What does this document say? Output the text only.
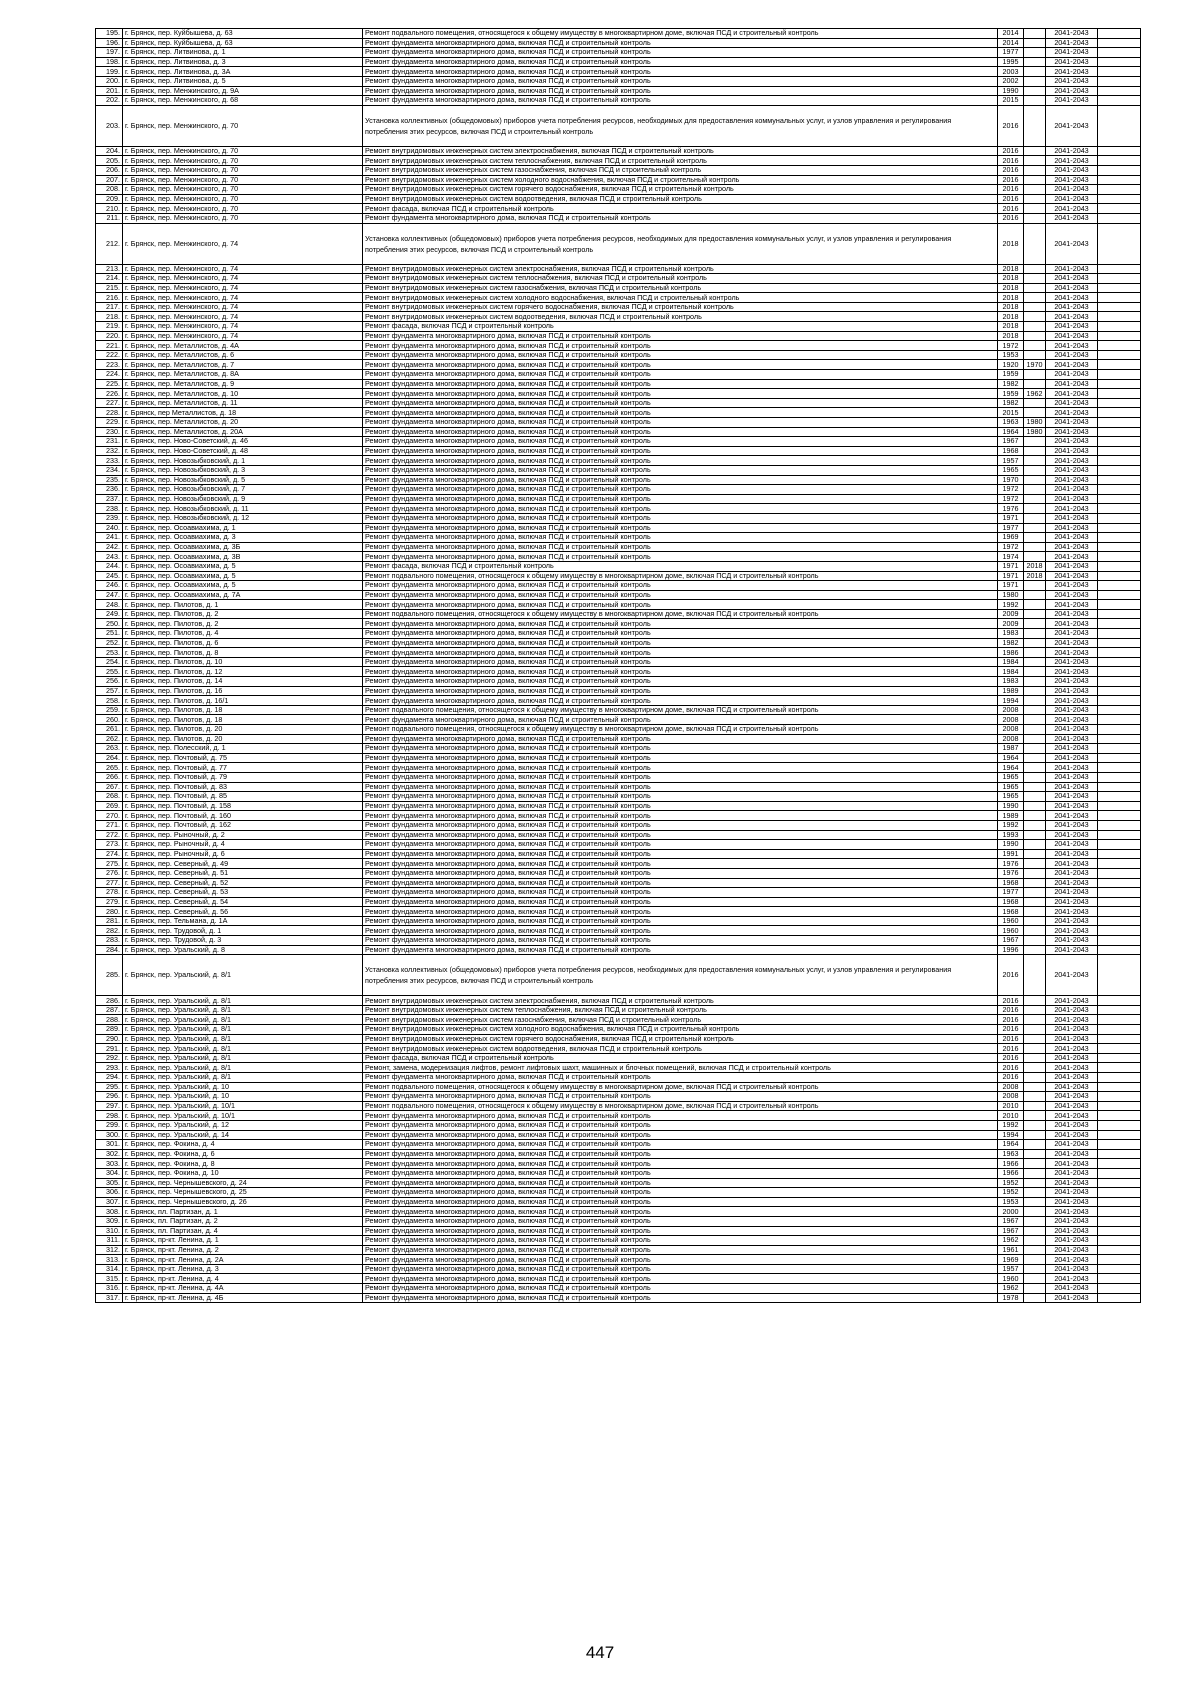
195.	г. Брянск, пер. Куйбышева, д. 63	Ремонт подвального помещения, относящегося к общему имуществу в многоквартирном доме, включая ПСД и строительный контроль	2014		2041-2043	
196.	г. Брянск, пер. Куйбышева, д. 63	Ремонт фундамента многоквартирного дома, включая ПСД и строительный контроль	2014		2041-2043	
197.	г. Брянск, пер. Литвинова, д. 1	Ремонт фундамента многоквартирного дома, включая ПСД и строительный контроль	1977		2041-2043	
198.	г. Брянск, пер. Литвинова, д. 3	Ремонт фундамента многоквартирного дома, включая ПСД и строительный контроль	1995		2041-2043	
199.	г. Брянск, пер. Литвинова, д. 3А	Ремонт фундамента многоквартирного дома, включая ПСД и строительный контроль	2003		2041-2043	
200.	г. Брянск, пер. Литвинова, д. 5	Ремонт фундамента многоквартирного дома, включая ПСД и строительный контроль	2002		2041-2043	
201.	г. Брянск, пер. Менжинского, д. 9А	Ремонт фундамента многоквартирного дома, включая ПСД и строительный контроль	1990		2041-2043	
202.	г. Брянск, пер. Менжинского, д. 68	Ремонт фундамента многоквартирного дома, включая ПСД и строительный контроль	2015		2041-2043	
203.	г. Брянск, пер. Менжинского, д. 70	Установка коллективных (общедомовых) приборов учета потребления ресурсов, необходимых для предоставления коммунальных услуг, и узлов управления и регулирования потребления этих ресурсов, включая ПСД и строительный контроль	2016		2041-2043	
204.	г. Брянск, пер. Менжинского, д. 70	Ремонт внутридомовых инженерных систем электроснабжения, включая ПСД и строительный контроль	2016		2041-2043	
205.	г. Брянск, пер. Менжинского, д. 70	Ремонт внутридомовых инженерных систем теплоснабжения, включая ПСД и строительный контроль	2016		2041-2043	
206.	г. Брянск, пер. Менжинского, д. 70	Ремонт внутридомовых инженерных систем газоснабжения, включая ПСД и строительный контроль	2016		2041-2043	
207.	г. Брянск, пер. Менжинского, д. 70	Ремонт внутридомовых инженерных систем холодного водоснабжения, включая ПСД и строительный контроль	2016		2041-2043	
208.	г. Брянск, пер. Менжинского, д. 70	Ремонт внутридомовых инженерных систем горячего водоснабжения, включая ПСД и строительный контроль	2016		2041-2043	
209.	г. Брянск, пер. Менжинского, д. 70	Ремонт внутридомовых инженерных систем водоотведения, включая ПСД и строительный контроль	2016		2041-2043	
210.	г. Брянск, пер. Менжинского, д. 70	Ремонт фасада, включая ПСД и строительный контроль	2016		2041-2043	
211.	г. Брянск, пер. Менжинского, д. 70	Ремонт фундамента многоквартирного дома, включая ПСД и строительный контроль	2016		2041-2043	
212.	г. Брянск, пер. Менжинского, д. 74	Установка коллективных (общедомовых) приборов учета потребления ресурсов, необходимых для предоставления коммунальных услуг, и узлов управления и регулирования потребления этих ресурсов, включая ПСД и строительный контроль	2018		2041-2043	
213.	г. Брянск, пер. Менжинского, д. 74	Ремонт внутридомовых инженерных систем электроснабжения, включая ПСД и строительный контроль	2018		2041-2043	
214.	г. Брянск, пер. Менжинского, д. 74	Ремонт внутридомовых инженерных систем теплоснабжения, включая ПСД и строительный контроль	2018		2041-2043	
215.	г. Брянск, пер. Менжинского, д. 74	Ремонт внутридомовых инженерных систем газоснабжения, включая ПСД и строительный контроль	2018		2041-2043	
216.	г. Брянск, пер. Менжинского, д. 74	Ремонт внутридомовых инженерных систем холодного водоснабжения, включая ПСД и строительный контроль	2018		2041-2043	
217.	г. Брянск, пер. Менжинского, д. 74	Ремонт внутридомовых инженерных систем горячего водоснабжения, включая ПСД и строительный контроль	2018		2041-2043	
218.	г. Брянск, пер. Менжинского, д. 74	Ремонт внутридомовых инженерных систем водоотведения, включая ПСД и строительный контроль	2018		2041-2043	
219.	г. Брянск, пер. Менжинского, д. 74	Ремонт фасада, включая ПСД и строительный контроль	2018		2041-2043	
220.	г. Брянск, пер. Менжинского, д. 74	Ремонт фундамента многоквартирного дома, включая ПСД и строительный контроль	2018		2041-2043	
221.	г. Брянск, пер. Металлистов, д. 4А	Ремонт фундамента многоквартирного дома, включая ПСД и строительный контроль	1972		2041-2043	
222.	г. Брянск, пер. Металлистов, д. 6	Ремонт фундамента многоквартирного дома, включая ПСД и строительный контроль	1953		2041-2043	
223.	г. Брянск, пер. Металлистов, д. 7	Ремонт фундамента многоквартирного дома, включая ПСД и строительный контроль	1920	1970	2041-2043	
224.	г. Брянск, пер. Металлистов, д. 8А	Ремонт фундамента многоквартирного дома, включая ПСД и строительный контроль	1959		2041-2043	
225.	г. Брянск, пер. Металлистов, д. 9	Ремонт фундамента многоквартирного дома, включая ПСД и строительный контроль	1982		2041-2043	
226.	г. Брянск, пер. Металлистов, д. 10	Ремонт фундамента многоквартирного дома, включая ПСД и строительный контроль	1959	1962	2041-2043	
227.	г. Брянск, пер. Металлистов, д. 11	Ремонт фундамента многоквартирного дома, включая ПСД и строительный контроль	1982		2041-2043	
228.	г. Брянск, пер Металлистов, д. 18	Ремонт фундамента многоквартирного дома, включая ПСД и строительный контроль	2015		2041-2043	
229.	г. Брянск, пер. Металлистов, д. 20	Ремонт фундамента многоквартирного дома, включая ПСД и строительный контроль	1963	1980	2041-2043	
230.	г. Брянск, пер. Металлистов, д. 20А	Ремонт фундамента многоквартирного дома, включая ПСД и строительный контроль	1964	1980	2041-2043	
231.	г. Брянск, пер. Ново-Советский, д. 46	Ремонт фундамента многоквартирного дома, включая ПСД и строительный контроль	1967		2041-2043	
232.	г. Брянск, пер. Ново-Советский, д. 48	Ремонт фундамента многоквартирного дома, включая ПСД и строительный контроль	1968		2041-2043	
233.	г. Брянск, пер. Новозыбковский, д. 1	Ремонт фундамента многоквартирного дома, включая ПСД и строительный контроль	1957		2041-2043	
234.	г. Брянск, пер. Новозыбковский, д. 3	Ремонт фундамента многоквартирного дома, включая ПСД и строительный контроль	1965		2041-2043	
235.	г. Брянск, пер. Новозыбковский, д. 5	Ремонт фундамента многоквартирного дома, включая ПСД и строительный контроль	1970		2041-2043	
236.	г. Брянск, пер. Новозыбковский, д. 7	Ремонт фундамента многоквартирного дома, включая ПСД и строительный контроль	1972		2041-2043	
237.	г. Брянск, пер. Новозыбковский, д. 9	Ремонт фундамента многоквартирного дома, включая ПСД и строительный контроль	1972		2041-2043	
238.	г. Брянск, пер. Новозыбковский, д. 11	Ремонт фундамента многоквартирного дома, включая ПСД и строительный контроль	1976		2041-2043	
239.	г. Брянск, пер. Новозыбковский, д. 12	Ремонт фундамента многоквартирного дома, включая ПСД и строительный контроль	1971		2041-2043	
240.	г. Брянск, пер. Осоавиахима, д. 1	Ремонт фундамента многоквартирного дома, включая ПСД и строительный контроль	1977		2041-2043	
241.	г. Брянск, пер. Осоавиахима, д. 3	Ремонт фундамента многоквартирного дома, включая ПСД и строительный контроль	1969		2041-2043	
242.	г. Брянск, пер. Осоавиахима, д. 3Б	Ремонт фундамента многоквартирного дома, включая ПСД и строительный контроль	1972		2041-2043	
243.	г. Брянск, пер. Осоавиахима, д. 3В	Ремонт фундамента многоквартирного дома, включая ПСД и строительный контроль	1974		2041-2043	
244.	г. Брянск, пер. Осоавиахима, д. 5	Ремонт фасада, включая ПСД и строительный контроль	1971	2018	2041-2043	
245.	г. Брянск, пер. Осоавиахима, д. 5	Ремонт подвального помещения, относящегося к общему имуществу в многоквартирном доме, включая ПСД и строительный контроль	1971	2018	2041-2043	
246.	г. Брянск, пер. Осоавиахима, д. 5	Ремонт фундамента многоквартирного дома, включая ПСД и строительный контроль	1971		2041-2043	
247.	г. Брянск, пер. Осоавиахима, д. 7А	Ремонт фундамента многоквартирного дома, включая ПСД и строительный контроль	1980		2041-2043	
248.	г. Брянск, пер. Пилотов, д. 1	Ремонт фундамента многоквартирного дома, включая ПСД и строительный контроль	1992		2041-2043	
249.	г. Брянск, пер. Пилотов, д. 2	Ремонт подвального помещения, относящегося к общему имуществу в многоквартирном доме, включая ПСД и строительный контроль	2009		2041-2043	
250.	г. Брянск, пер. Пилотов, д. 2	Ремонт фундамента многоквартирного дома, включая ПСД и строительный контроль	2009		2041-2043	
251.	г. Брянск, пер. Пилотов, д. 4	Ремонт фундамента многоквартирного дома, включая ПСД и строительный контроль	1983		2041-2043	
252.	г. Брянск, пер. Пилотов, д. 6	Ремонт фундамента многоквартирного дома, включая ПСД и строительный контроль	1982		2041-2043	
253.	г. Брянск, пер. Пилотов, д. 8	Ремонт фундамента многоквартирного дома, включая ПСД и строительный контроль	1986		2041-2043	
254.	г. Брянск, пер. Пилотов, д. 10	Ремонт фундамента многоквартирного дома, включая ПСД и строительный контроль	1984		2041-2043	
255.	г. Брянск, пер. Пилотов, д. 12	Ремонт фундамента многоквартирного дома, включая ПСД и строительный контроль	1984		2041-2043	
256.	г. Брянск, пер. Пилотов, д. 14	Ремонт фундамента многоквартирного дома, включая ПСД и строительный контроль	1983		2041-2043	
257.	г. Брянск, пер. Пилотов, д. 16	Ремонт фундамента многоквартирного дома, включая ПСД и строительный контроль	1989		2041-2043	
258.	г. Брянск, пер. Пилотов, д. 16/1	Ремонт фундамента многоквартирного дома, включая ПСД и строительный контроль	1994		2041-2043	
259.	г. Брянск, пер. Пилотов, д. 18	Ремонт подвального помещения, относящегося к общему имуществу в многоквартирном доме, включая ПСД и строительный контроль	2008		2041-2043	
260.	г. Брянск, пер. Пилотов, д. 18	Ремонт фундамента многоквартирного дома, включая ПСД и строительный контроль	2008		2041-2043	
261.	г. Брянск, пер. Пилотов, д. 20	Ремонт подвального помещения, относящегося к общему имуществу в многоквартирном доме, включая ПСД и строительный контроль	2008		2041-2043	
262.	г. Брянск, пер. Пилотов, д. 20	Ремонт фундамента многоквартирного дома, включая ПСД и строительный контроль	2008		2041-2043	
263.	г. Брянск, пер. Полесский, д. 1	Ремонт фундамента многоквартирного дома, включая ПСД и строительный контроль	1987		2041-2043	
264.	г. Брянск, пер. Почтовый, д. 75	Ремонт фундамента многоквартирного дома, включая ПСД и строительный контроль	1964		2041-2043	
265.	г. Брянск, пер. Почтовый, д. 77	Ремонт фундамента многоквартирного дома, включая ПСД и строительный контроль	1964		2041-2043	
266.	г. Брянск, пер. Почтовый, д. 79	Ремонт фундамента многоквартирного дома, включая ПСД и строительный контроль	1965		2041-2043	
267.	г. Брянск, пер. Почтовый, д. 83	Ремонт фундамента многоквартирного дома, включая ПСД и строительный контроль	1965		2041-2043	
268.	г. Брянск, пер. Почтовый, д. 85	Ремонт фундамента многоквартирного дома, включая ПСД и строительный контроль	1965		2041-2043	
269.	г. Брянск, пер. Почтовый, д. 158	Ремонт фундамента многоквартирного дома, включая ПСД и строительный контроль	1990		2041-2043	
270.	г. Брянск, пер. Почтовый, д. 160	Ремонт фундамента многоквартирного дома, включая ПСД и строительный контроль	1989		2041-2043	
271.	г. Брянск, пер. Почтовый, д. 162	Ремонт фундамента многоквартирного дома, включая ПСД и строительный контроль	1992		2041-2043	
272.	г. Брянск, пер. Рыночный, д. 2	Ремонт фундамента многоквартирного дома, включая ПСД и строительный контроль	1993		2041-2043	
273.	г. Брянск, пер. Рыночный, д. 4	Ремонт фундамента многоквартирного дома, включая ПСД и строительный контроль	1990		2041-2043	
274.	г. Брянск, пер. Рыночный, д. 6	Ремонт фундамента многоквартирного дома, включая ПСД и строительный контроль	1991		2041-2043	
275.	г. Брянск, пер. Северный, д. 49	Ремонт фундамента многоквартирного дома, включая ПСД и строительный контроль	1976		2041-2043	
276.	г. Брянск, пер. Северный, д. 51	Ремонт фундамента многоквартирного дома, включая ПСД и строительный контроль	1976		2041-2043	
277.	г. Брянск, пер. Северный, д. 52	Ремонт фундамента многоквартирного дома, включая ПСД и строительный контроль	1968		2041-2043	
278.	г. Брянск, пер. Северный, д. 53	Ремонт фундамента многоквартирного дома, включая ПСД и строительный контроль	1977		2041-2043	
279.	г. Брянск, пер. Северный, д. 54	Ремонт фундамента многоквартирного дома, включая ПСД и строительный контроль	1968		2041-2043	
280.	г. Брянск, пер. Северный, д. 56	Ремонт фундамента многоквартирного дома, включая ПСД и строительный контроль	1968		2041-2043	
281.	г. Брянск, пер. Тельмана, д. 1А	Ремонт фундамента многоквартирного дома, включая ПСД и строительный контроль	1960		2041-2043	
282.	г. Брянск, пер. Трудовой, д. 1	Ремонт фундамента многоквартирного дома, включая ПСД и строительный контроль	1960		2041-2043	
283.	г. Брянск, пер. Трудовой, д. 3	Ремонт фундамента многоквартирного дома, включая ПСД и строительный контроль	1967		2041-2043	
284.	г. Брянск, пер. Уральский, д. 8	Ремонт фундамента многоквартирного дома, включая ПСД и строительный контроль	1996		2041-2043	
285.	г. Брянск, пер. Уральский, д. 8/1	Установка коллективных (общедомовых) приборов учета потребления ресурсов, необходимых для предоставления коммунальных услуг, и узлов управления и регулирования потребления этих ресурсов, включая ПСД и строительный контроль	2016		2041-2043	
286.	г. Брянск, пер. Уральский, д. 8/1	Ремонт внутридомовых инженерных систем электроснабжения, включая ПСД и строительный контроль	2016		2041-2043	
287.	г. Брянск, пер. Уральский, д. 8/1	Ремонт внутридомовых инженерных систем теплоснабжения, включая ПСД и строительный контроль	2016		2041-2043	
288.	г. Брянск, пер. Уральский, д. 8/1	Ремонт внутридомовых инженерных систем газоснабжения, включая ПСД и строительный контроль	2016		2041-2043	
289.	г. Брянск, пер. Уральский, д. 8/1	Ремонт внутридомовых инженерных систем холодного водоснабжения, включая ПСД и строительный контроль	2016		2041-2043	
290.	г. Брянск, пер. Уральский, д. 8/1	Ремонт внутридомовых инженерных систем горячего водоснабжения, включая ПСД и строительный контроль	2016		2041-2043	
291.	г. Брянск, пер. Уральский, д. 8/1	Ремонт внутридомовых инженерных систем водоотведения, включая ПСД и строительный контроль	2016		2041-2043	
292.	г. Брянск, пер. Уральский, д. 8/1	Ремонт фасада, включая ПСД и строительный контроль	2016		2041-2043	
293.	г. Брянск, пер. Уральский, д. 8/1	Ремонт, замена, модернизация лифтов, ремонт лифтовых шахт, машинных и блочных помещений, включая ПСД и строительный контроль	2016		2041-2043	
294.	г. Брянск, пер. Уральский, д. 8/1	Ремонт фундамента многоквартирного дома, включая ПСД и строительный контроль	2016		2041-2043	
295.	г. Брянск, пер. Уральский, д. 10	Ремонт подвального помещения, относящегося к общему имуществу в многоквартирном доме, включая ПСД и строительный контроль	2008		2041-2043	
296.	г. Брянск, пер. Уральский, д. 10	Ремонт фундамента многоквартирного дома, включая ПСД и строительный контроль	2008		2041-2043	
297.	г. Брянск, пер. Уральский, д. 10/1	Ремонт подвального помещения, относящегося к общему имуществу в многоквартирном доме, включая ПСД и строительный контроль	2010		2041-2043	
298.	г. Брянск, пер. Уральский, д. 10/1	Ремонт фундамента многоквартирного дома, включая ПСД и строительный контроль	2010		2041-2043	
299.	г. Брянск, пер. Уральский, д. 12	Ремонт фундамента многоквартирного дома, включая ПСД и строительный контроль	1992		2041-2043	
300.	г. Брянск, пер. Уральский, д. 14	Ремонт фундамента многоквартирного дома, включая ПСД и строительный контроль	1994		2041-2043	
301.	г. Брянск, пер. Фокина, д. 4	Ремонт фундамента многоквартирного дома, включая ПСД и строительный контроль	1964		2041-2043	
302.	г. Брянск, пер. Фокина, д. 6	Ремонт фундамента многоквартирного дома, включая ПСД и строительный контроль	1963		2041-2043	
303.	г. Брянск, пер. Фокина, д. 8	Ремонт фундамента многоквартирного дома, включая ПСД и строительный контроль	1966		2041-2043	
304.	г. Брянск, пер. Фокина, д. 10	Ремонт фундамента многоквартирного дома, включая ПСД и строительный контроль	1966		2041-2043	
305.	г. Брянск, пер. Чернышевского, д. 24	Ремонт фундамента многоквартирного дома, включая ПСД и строительный контроль	1952		2041-2043	
306.	г. Брянск, пер. Чернышевского, д. 25	Ремонт фундамента многоквартирного дома, включая ПСД и строительный контроль	1952		2041-2043	
307.	г. Брянск, пер. Чернышевского, д. 26	Ремонт фундамента многоквартирного дома, включая ПСД и строительный контроль	1953		2041-2043	
308.	г. Брянск, пл. Партизан, д. 1	Ремонт фундамента многоквартирного дома, включая ПСД и строительный контроль	2000		2041-2043	
309.	г. Брянск, пл. Партизан, д. 2	Ремонт фундамента многоквартирного дома, включая ПСД и строительный контроль	1967		2041-2043	
310.	г. Брянск, пл. Партизан, д. 4	Ремонт фундамента многоквартирного дома, включая ПСД и строительный контроль	1967		2041-2043	
311.	г. Брянск, пр-кт. Ленина, д. 1	Ремонт фундамента многоквартирного дома, включая ПСД и строительный контроль	1962		2041-2043	
312.	г. Брянск, пр-кт. Ленина, д. 2	Ремонт фундамента многоквартирного дома, включая ПСД и строительный контроль	1961		2041-2043	
313.	г. Брянск, пр-кт. Ленина, д. 2А	Ремонт фундамента многоквартирного дома, включая ПСД и строительный контроль	1969		2041-2043	
314.	г. Брянск, пр-кт. Ленина, д. 3	Ремонт фундамента многоквартирного дома, включая ПСД и строительный контроль	1957		2041-2043	
315.	г. Брянск, пр-кт. Ленина, д. 4	Ремонт фундамента многоквартирного дома, включая ПСД и строительный контроль	1960		2041-2043	
316.	г. Брянск, пр-кт. Ленина, д. 4А	Ремонт фундамента многоквартирного дома, включая ПСД и строительный контроль	1962		2041-2043	
317.	г. Брянск, пр-кт. Ленина, д. 4Б	Ремонт фундамента многоквартирного дома, включая ПСД и строительный контроль	1978		2041-2043	
447
